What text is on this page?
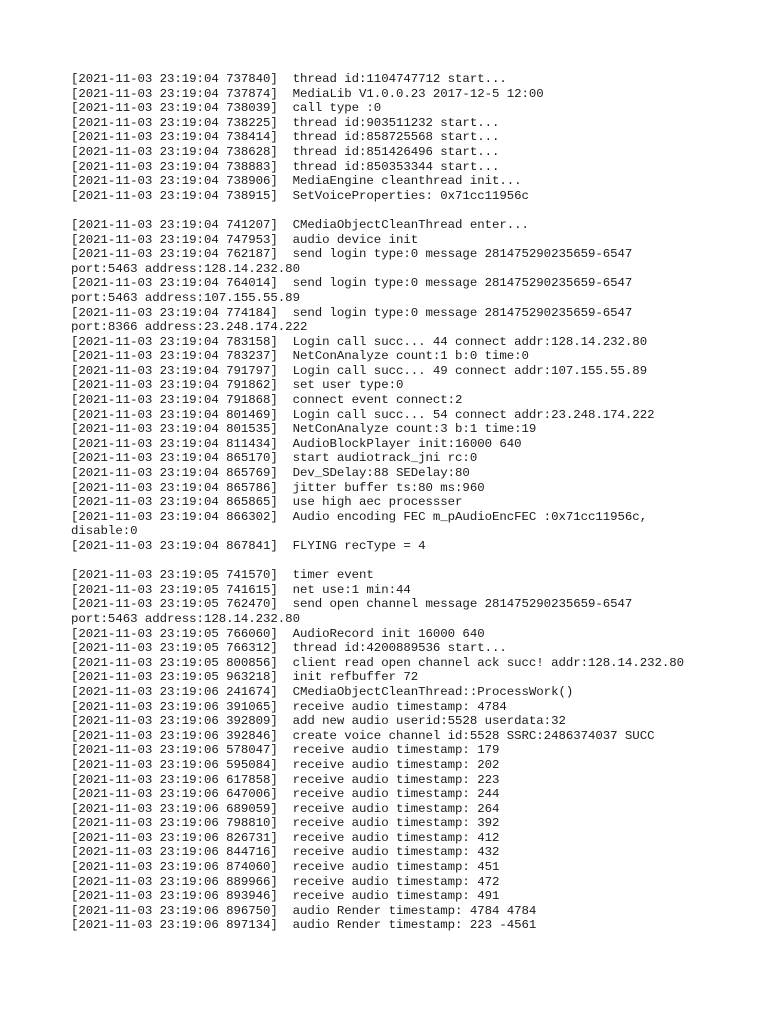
[2021-11-03 23:19:04 737840]  thread id:1104747712 start...
[2021-11-03 23:19:04 737874]  MediaLib V1.0.0.23 2017-12-5 12:00
[2021-11-03 23:19:04 738039]  call type :0
[2021-11-03 23:19:04 738225]  thread id:903511232 start...
[2021-11-03 23:19:04 738414]  thread id:858725568 start...
[2021-11-03 23:19:04 738628]  thread id:851426496 start...
[2021-11-03 23:19:04 738883]  thread id:850353344 start...
[2021-11-03 23:19:04 738906]  MediaEngine cleanthread init...
[2021-11-03 23:19:04 738915]  SetVoiceProperties: 0x71cc11956c
[2021-11-03 23:19:04 741207]  CMediaObjectCleanThread enter...
[2021-11-03 23:19:04 747953]  audio device init
[2021-11-03 23:19:04 762187]  send login type:0 message 281475290235659-6547
port:5463 address:128.14.232.80
[2021-11-03 23:19:04 764014]  send login type:0 message 281475290235659-6547
port:5463 address:107.155.55.89
[2021-11-03 23:19:04 774184]  send login type:0 message 281475290235659-6547
port:8366 address:23.248.174.222
[2021-11-03 23:19:04 783158]  Login call succ... 44 connect addr:128.14.232.80
[2021-11-03 23:19:04 783237]  NetConAnalyze count:1 b:0 time:0
[2021-11-03 23:19:04 791797]  Login call succ... 49 connect addr:107.155.55.89
[2021-11-03 23:19:04 791862]  set user type:0
[2021-11-03 23:19:04 791868]  connect event connect:2
[2021-11-03 23:19:04 801469]  Login call succ... 54 connect addr:23.248.174.222
[2021-11-03 23:19:04 801535]  NetConAnalyze count:3 b:1 time:19
[2021-11-03 23:19:04 811434]  AudioBlockPlayer init:16000 640
[2021-11-03 23:19:04 865170]  start audiotrack_jni rc:0
[2021-11-03 23:19:04 865769]  Dev_SDelay:88 SEDelay:80
[2021-11-03 23:19:04 865786]  jitter buffer ts:80 ms:960
[2021-11-03 23:19:04 865865]  use high aec processser
[2021-11-03 23:19:04 866302]  Audio encoding FEC m_pAudioEncFEC :0x71cc11956c,
disable:0
[2021-11-03 23:19:04 867841]  FLYING recType = 4
[2021-11-03 23:19:05 741570]  timer event
[2021-11-03 23:19:05 741615]  net use:1 min:44
[2021-11-03 23:19:05 762470]  send open channel message 281475290235659-6547
port:5463 address:128.14.232.80
[2021-11-03 23:19:05 766060]  AudioRecord init 16000 640
[2021-11-03 23:19:05 766312]  thread id:4200889536 start...
[2021-11-03 23:19:05 800856]  client read open channel ack succ! addr:128.14.232.80
[2021-11-03 23:19:05 963218]  init refbuffer 72
[2021-11-03 23:19:06 241674]  CMediaObjectCleanThread::ProcessWork()
[2021-11-03 23:19:06 391065]  receive audio timestamp: 4784
[2021-11-03 23:19:06 392809]  add new audio userid:5528 userdata:32
[2021-11-03 23:19:06 392846]  create voice channel id:5528 SSRC:2486374037 SUCC
[2021-11-03 23:19:06 578047]  receive audio timestamp: 179
[2021-11-03 23:19:06 595084]  receive audio timestamp: 202
[2021-11-03 23:19:06 617858]  receive audio timestamp: 223
[2021-11-03 23:19:06 647006]  receive audio timestamp: 244
[2021-11-03 23:19:06 689059]  receive audio timestamp: 264
[2021-11-03 23:19:06 798810]  receive audio timestamp: 392
[2021-11-03 23:19:06 826731]  receive audio timestamp: 412
[2021-11-03 23:19:06 844716]  receive audio timestamp: 432
[2021-11-03 23:19:06 874060]  receive audio timestamp: 451
[2021-11-03 23:19:06 889966]  receive audio timestamp: 472
[2021-11-03 23:19:06 893946]  receive audio timestamp: 491
[2021-11-03 23:19:06 896750]  audio Render timestamp: 4784 4784
[2021-11-03 23:19:06 897134]  audio Render timestamp: 223 -4561
